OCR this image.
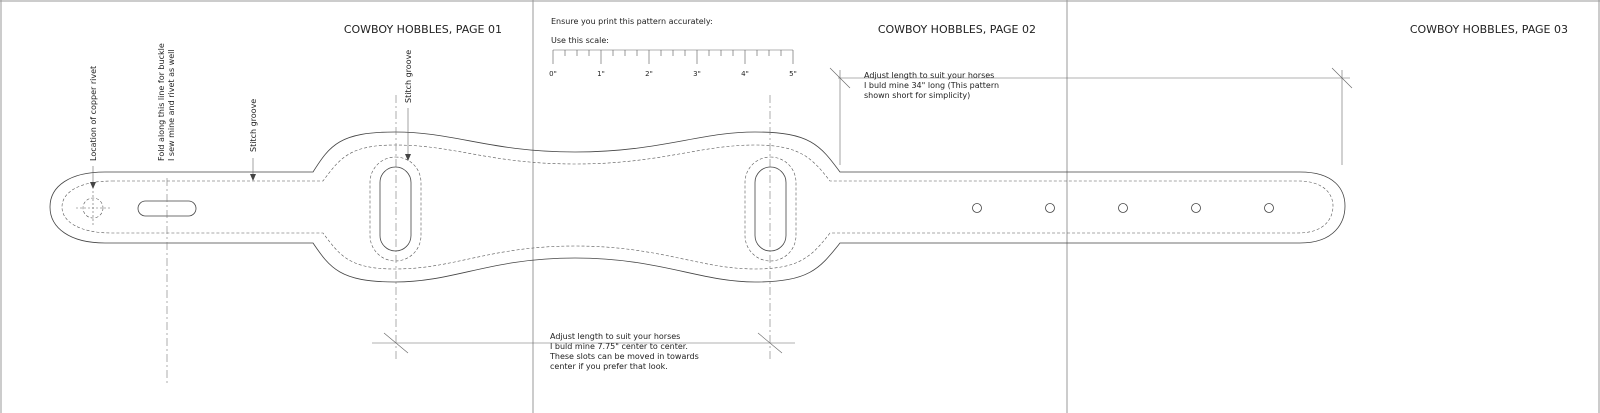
COWBOY HOBBLES, PAGE 01	COWBOY HOBBLES, PAGE 02	COWBOY HOBBLES, PAGE 03
Ensure you print this pattern accurately:
Use this scale:
0"	1"	2"	3"	4"	5"
Location of copper rivet	Fold along this line for buckle I sew mine and rivet as well	Stitch groove
Stitch groove	Adjust length to suit your horses
I buld mine 34" long (This pattern
shown short for simplicity)
Adjust length to suit your horses
I buld mine 7.75" center to center.
These slots can be moved in towards
center if you prefer that look.
